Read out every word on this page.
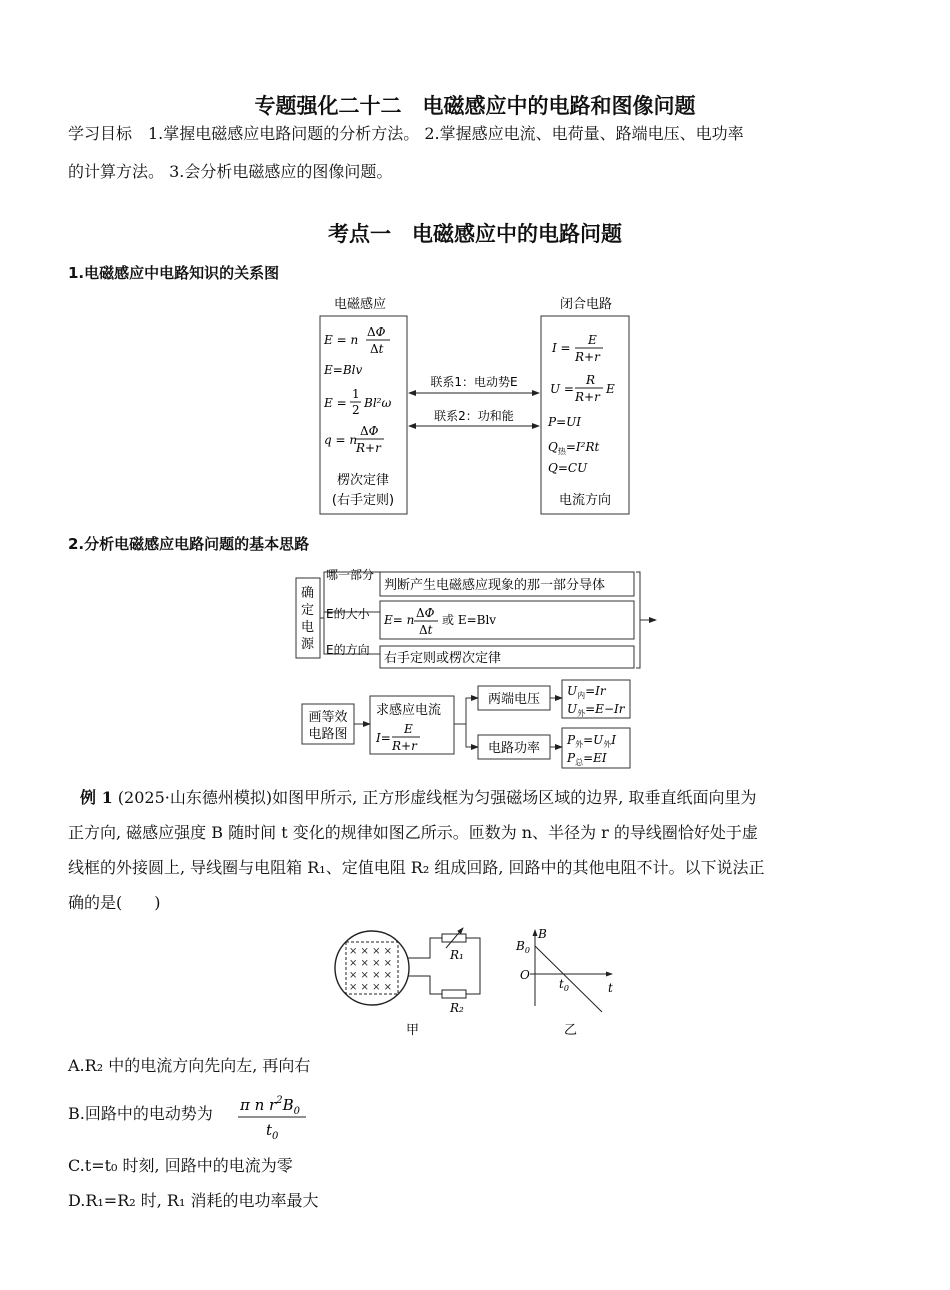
专题强化二十二　电磁感应中的电路和图像问题
学习目标　1.掌握电磁感应电路问题的分析方法。 2.掌握感应电流、电荷量、路端电压、电功率
的计算方法。 3.会分析电磁感应的图像问题。
考点一　电磁感应中的电路问题
1.电磁感应中电路知识的关系图
电磁感应	闭合电路
E = n
ΔΦ
Δt
E=Blv
E =
1
2 Bl²ω
q = n
ΔΦ
R+r
楞次定律
(右手定则)
I =
E
R+r
U =
R
R+r
E
P=UI
$Q_热=I^2Rt$
Q=CU
电流方向
联系1：电动势E
联系2：功和能
2.分析电磁感应电路问题的基本思路
确定电源
确定电源
哪一部分
E的大小
E的方向
判断产生电磁感应现象的那一部分导体
E= n ΔΦ
Δt
或 E=Blv
右手定则或楞次定律
画等效
电路图
求感应电流
I=
E
R+r
两端电压
电路功率
$U_内=Ir$
$U_外=E-Ir$
$P_外=U_外I$
$P_总=EI$
例 1 (2025·山东德州模拟)如图甲所示, 正方形虚线框为匀强磁场区域的边界, 取垂直纸面向里为
正方向, 磁感应强度 B 随时间 t 变化的规律如图乙所示。匝数为 n、半径为 r 的导线圈恰好处于虚
线框的外接圆上, 导线圈与电阻箱 R₁、定值电阻 R₂ 组成回路, 回路中的其他电阻不计。以下说法正
确的是(　　)
× × × ×
× × × ×
× × × ×
× × × ×
R₁
R₂
甲
B
$B_0$
O
$t_0$	t
乙
A.R₂ 中的电流方向先向左, 再向右
B.回路中的电动势为 π n $r^2B_0$
$t_0$
C.t=t₀ 时刻, 回路中的电流为零
D.R₁=R₂ 时, R₁ 消耗的电功率最大
